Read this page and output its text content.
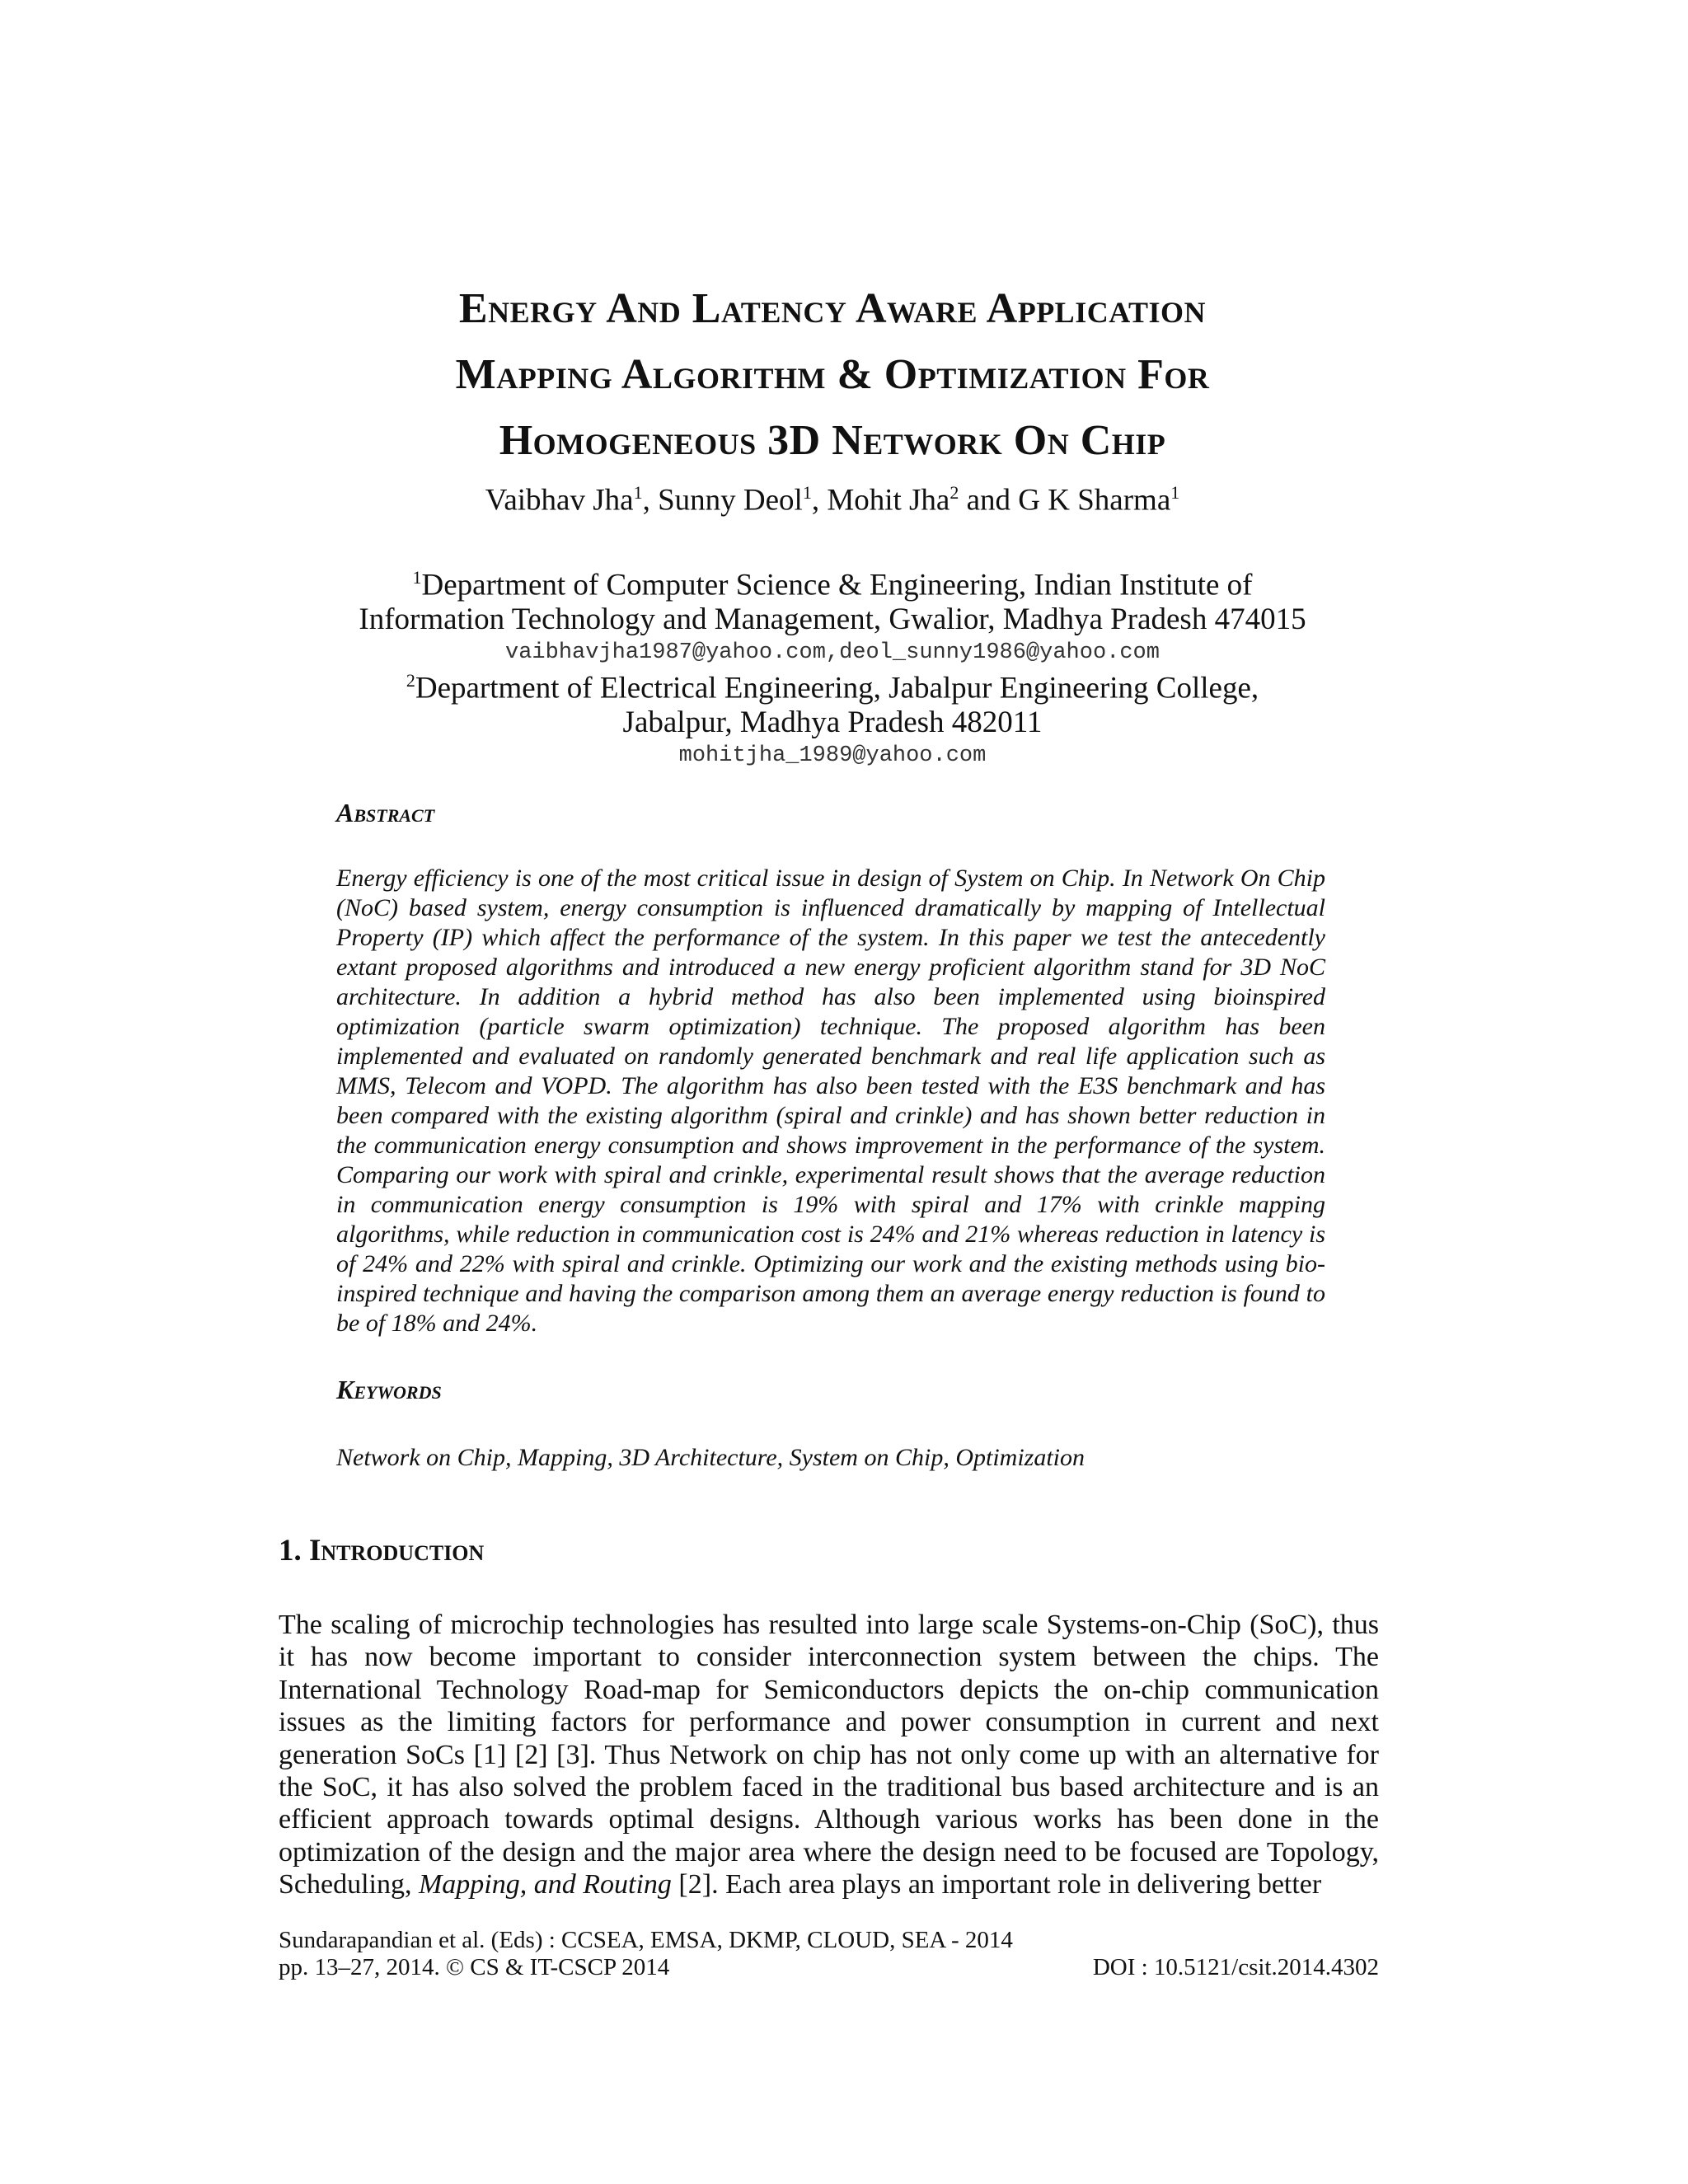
Energy And Latency Aware Application
Mapping Algorithm & Optimization For
Homogeneous 3D Network On Chip
Vaibhav Jha$^1$, Sunny Deol$^1$, Mohit Jha$^2$ and G K Sharma$^1$
$^1$Department of Computer Science & Engineering, Indian Institute of
Information Technology and Management, Gwalior, Madhya Pradesh 474015
vaibhavjha1987@yahoo.com,deol_sunny1986@yahoo.com
$^2$Department of Electrical Engineering, Jabalpur Engineering College,
Jabalpur, Madhya Pradesh 482011
mohitjha_1989@yahoo.com
Abstract

Energy efficiency is one of the most critical issue in design of System on Chip. In Network On Chip (NoC) based system, energy consumption is influenced dramatically by mapping of Intellectual Property (IP) which affect the performance of the system. In this paper we test the antecedently extant proposed algorithms and introduced a new energy proficient algorithm stand for 3D NoC architecture. In addition a hybrid method has also been implemented using bioinspired optimization (particle swarm optimization) technique. The proposed algorithm has been implemented and evaluated on randomly generated benchmark and real life application such as MMS, Telecom and VOPD. The algorithm has also been tested with the E3S benchmark and has been compared with the existing algorithm (spiral and crinkle) and has shown better reduction in the communication energy consumption and shows improvement in the performance of the system. Comparing our work with spiral and crinkle, experimental result shows that the average reduction in communication energy consumption is 19% with spiral and 17% with crinkle mapping algorithms, while reduction in communication cost is 24% and 21% whereas reduction in latency is of 24% and 22% with spiral and crinkle. Optimizing our work and the existing methods using bio-inspired technique and having the comparison among them an average energy reduction is found to be of 18% and 24%.

Keywords
Network on Chip, Mapping, 3D Architecture, System on Chip, Optimization
1. Introduction

The scaling of microchip technologies has resulted into large scale Systems-on-Chip (SoC), thus it has now become important to consider interconnection system between the chips. The International Technology Road-map for Semiconductors depicts the on-chip communication issues as the limiting factors for performance and power consumption in current and next generation SoCs [1] [2] [3]. Thus Network on chip has not only come up with an alternative for the SoC, it has also solved the problem faced in the traditional bus based architecture and is an efficient approach towards optimal designs. Although various works has been done in the optimization of the design and the major area where the design need to be focused are Topology, Scheduling, Mapping, and Routing [2]. Each area plays an important role in delivering better

Sundarapandian et al. (Eds) : CCSEA, EMSA, DKMP, CLOUD, SEA - 2014
pp. 13–27, 2014. © CS & IT-CSCP 2014	DOI : 10.5121/csit.2014.4302
